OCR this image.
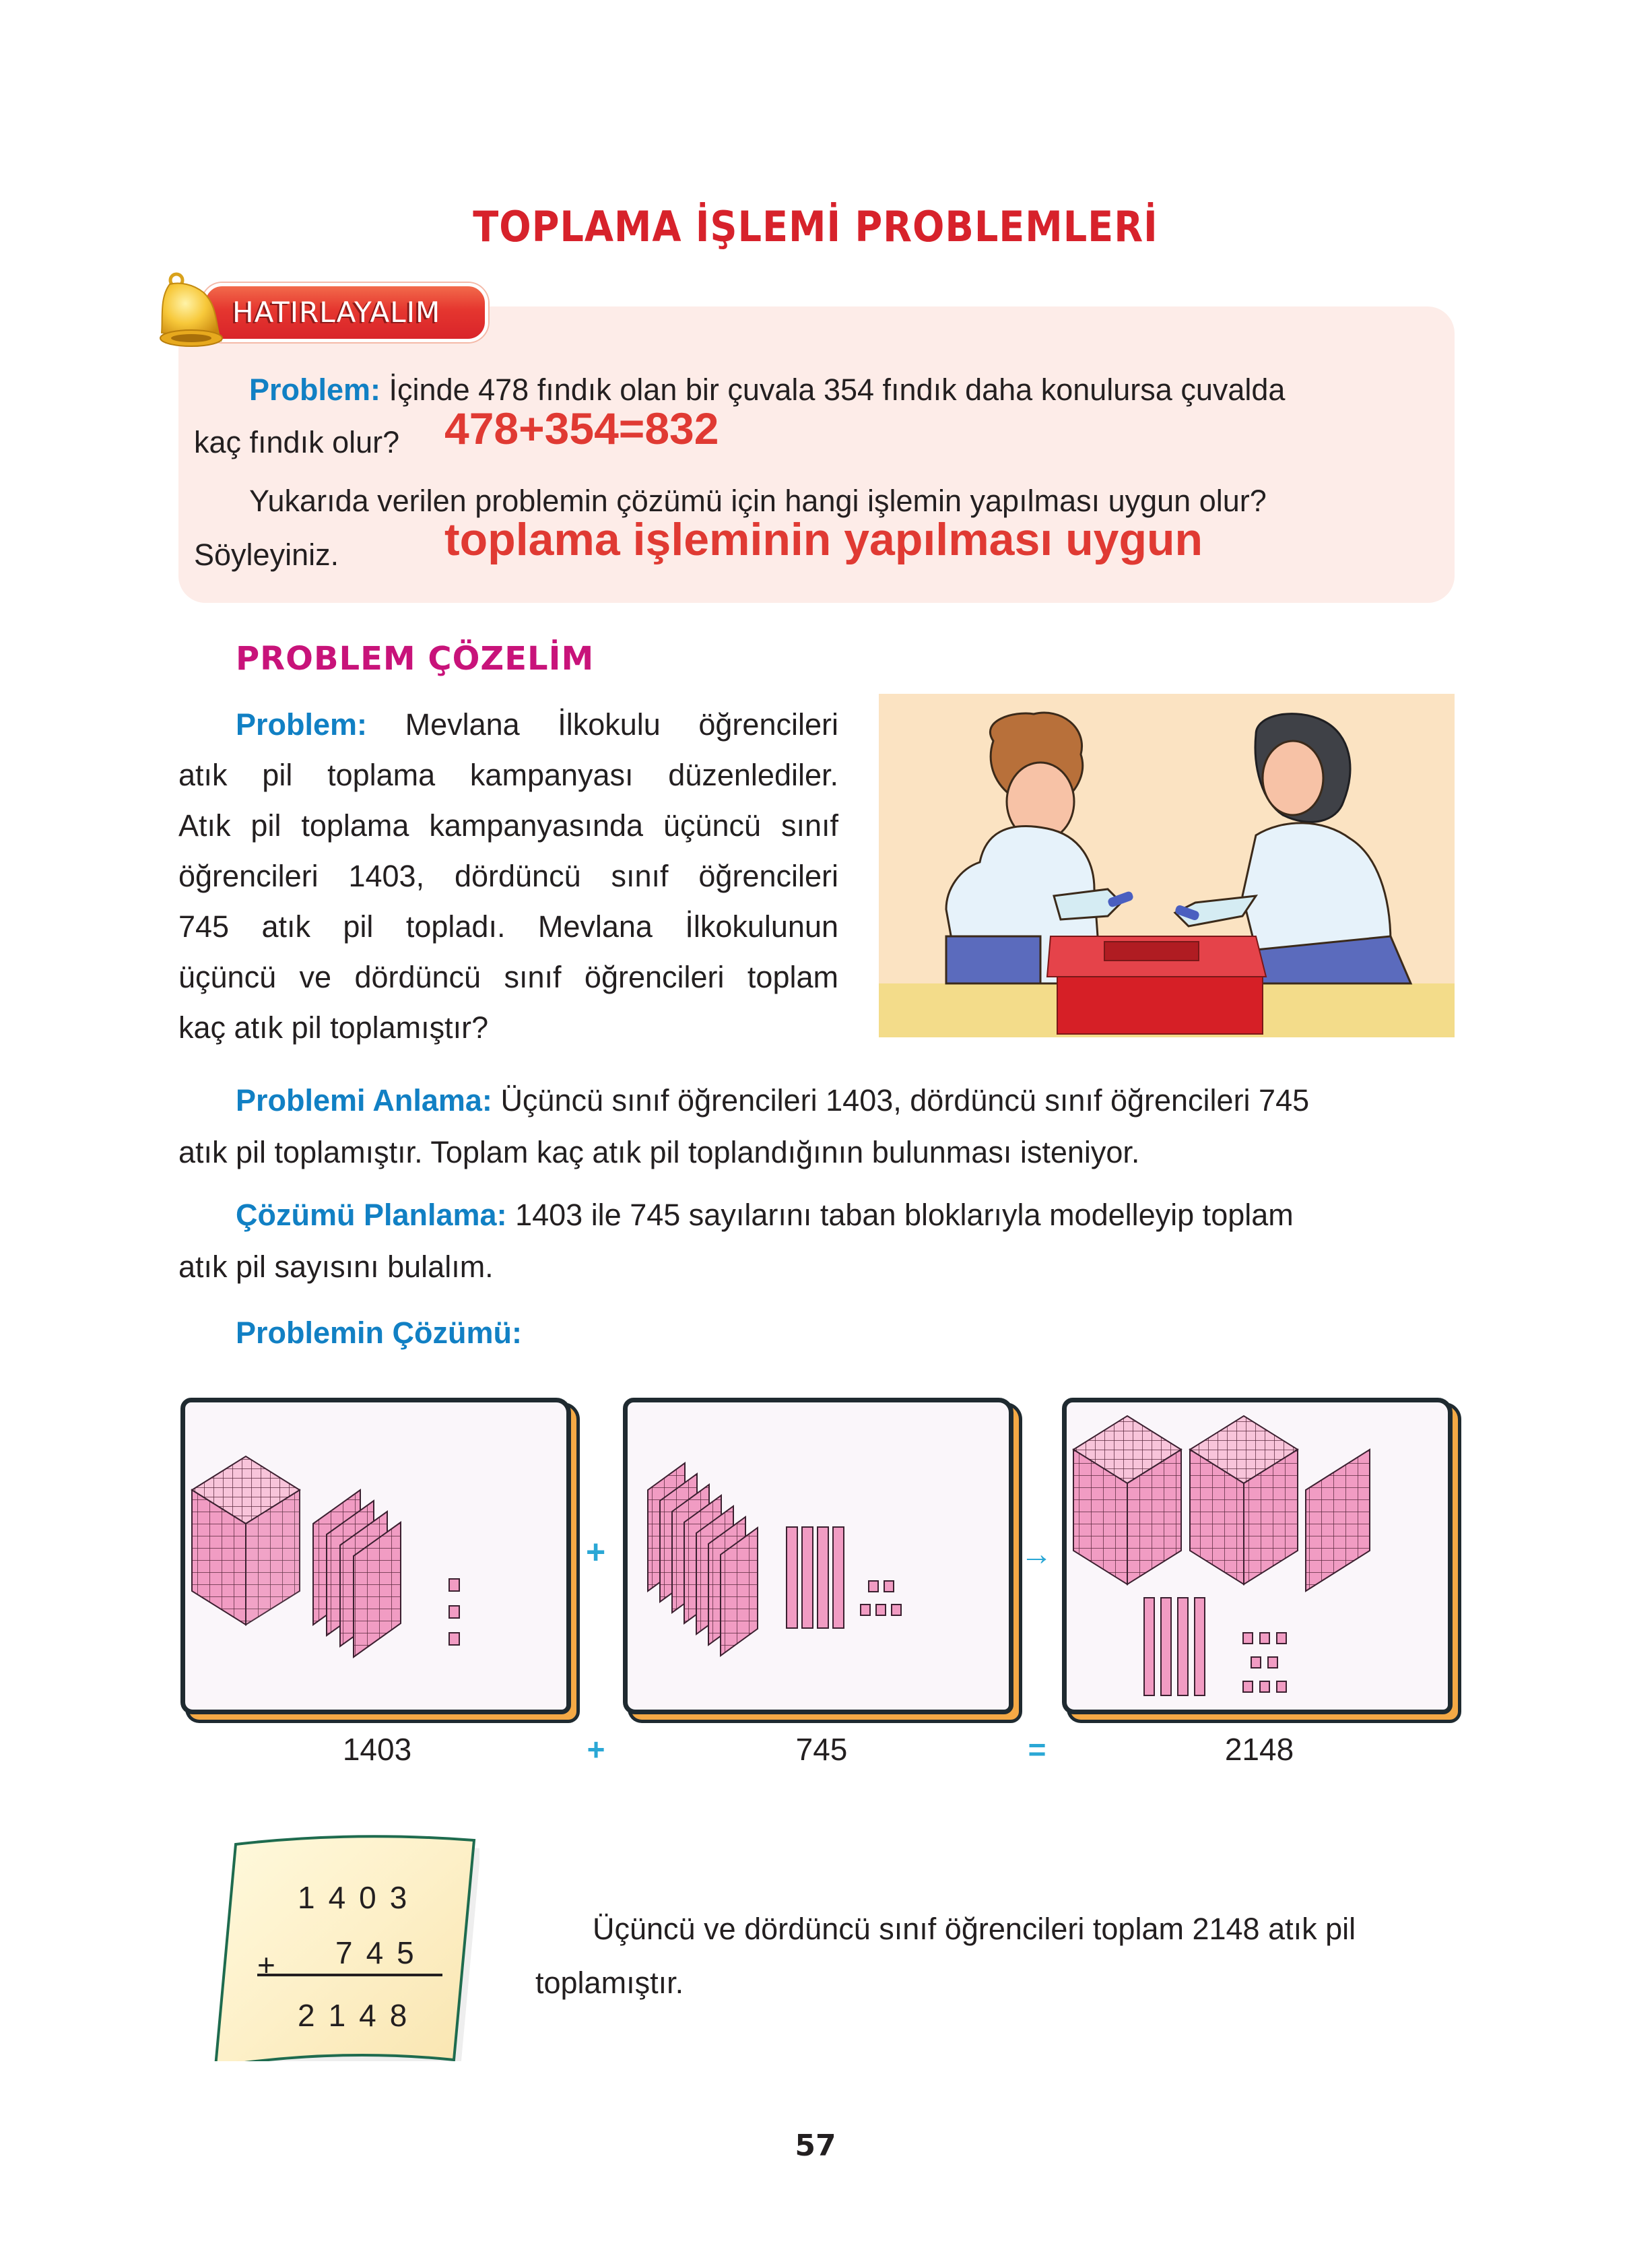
TOPLAMA İŞLEMİ PROBLEMLERİ
HATIRLAYALIM
Problem: İçinde 478 fındık olan bir çuvala 354 fındık daha konulursa çuvalda
kaç fındık olur? 478+354=832
Yukarıda verilen problemin çözümü için hangi işlemin yapılması uygun olur?
Söyleyiniz. toplama işleminin yapılması uygun
PROBLEM ÇÖZELİM
Problem: Mevlana İlkokulu öğrencileri
atık pil toplama kampanyası düzenlediler.
Atık pil toplama kampanyasında üçüncü sınıf
öğrencileri 1403, dördüncü sınıf öğrencileri
745 atık pil topladı. Mevlana İlkokulunun
üçüncü ve dördüncü sınıf öğrencileri toplam
kaç atık pil toplamıştır?
Problemi Anlama: Üçüncü sınıf öğrencileri 1403, dördüncü sınıf öğrencileri 745
atık pil toplamıştır. Toplam kaç atık pil toplandığının bulunması isteniyor.
Çözümü Planlama: 1403 ile 745 sayılarını taban bloklarıyla modelleyip toplam
atık pil sayısını bulalım.
Problemin Çözümü:
+	→
1403	+	745	=	2148
1403
745
+
2148
Üçüncü ve dördüncü sınıf öğrencileri toplam 2148 atık pil
toplamıştır.
57
